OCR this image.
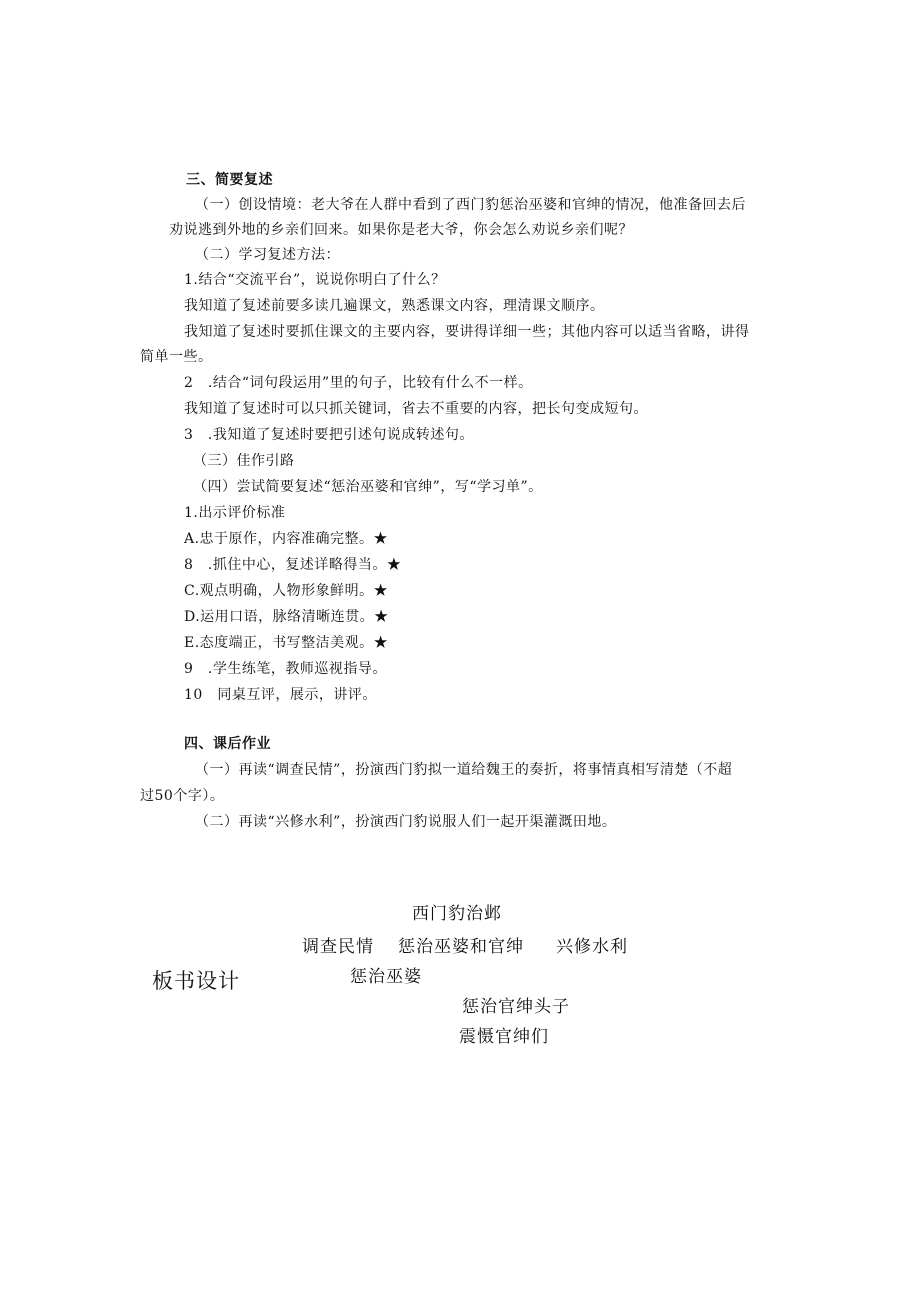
三、简要复述
（一）创设情境：老大爷在人群中看到了西门豹惩治巫婆和官绅的情况，他准备回去后
劝说逃到外地的乡亲们回来。如果你是老大爷，你会怎么劝说乡亲们呢？
（二）学习复述方法：
1.结合“交流平台”，说说你明白了什么？
我知道了复述前要多读几遍课文，熟悉课文内容，理清课文顺序。
我知道了复述时要抓住课文的主要内容，要讲得详细一些；其他内容可以适当省略，讲得
简单一些。
2　.结合“词句段运用”里的句子，比较有什么不一样。
我知道了复述时可以只抓关键词，省去不重要的内容，把长句变成短句。
3　.我知道了复述时要把引述句说成转述句。
（三）佳作引路
（四）尝试简要复述“惩治巫婆和官绅”，写“学习单”。
1.出示评价标准
A.忠于原作，内容准确完整。★
8　.抓住中心，复述详略得当。★
C.观点明确，人物形象鲜明。★
D.运用口语，脉络清晰连贯。★
E.态度端正，书写整洁美观。★
9　.学生练笔，教师巡视指导。
10　同桌互评，展示，讲评。
四、课后作业
（一）再读“调查民情”，扮演西门豹拟一道给魏王的奏折，将事情真相写清楚（不超
过50个字）。
（二）再读“兴修水利”，扮演西门豹说服人们一起开渠灌溉田地。
西门豹治邺
调查民情 惩治巫婆和官绅 兴修水利
板书设计	惩治巫婆
惩治官绅头子
震慑官绅们
